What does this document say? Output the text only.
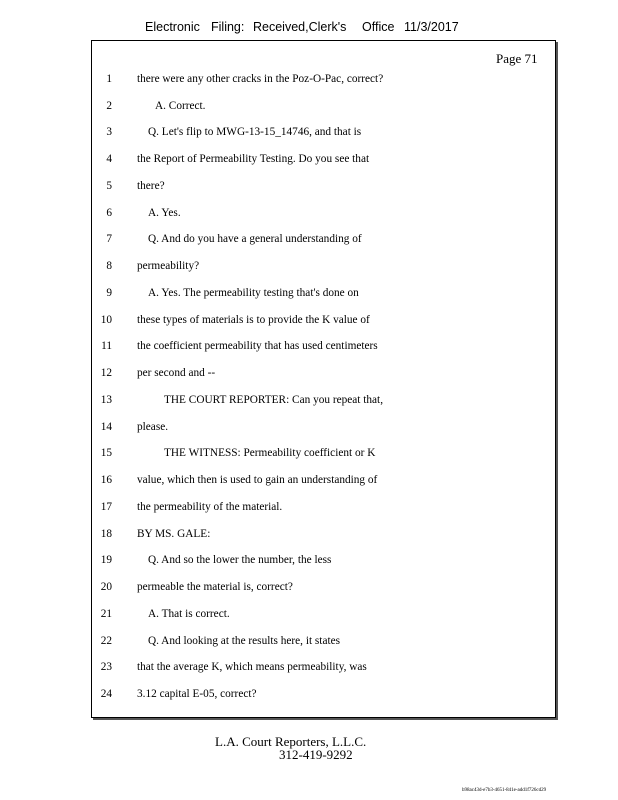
Electronic Filing: Received,Clerk's Office 11/3/2017
Page 71
1 there were any other cracks in the Poz-O-Pac, correct?
2	A. Correct.
3	Q. Let's flip to MWG-13-15_14746, and that is
4 the Report of Permeability Testing. Do you see that
5 there?
6	A. Yes.
7	Q. And do you have a general understanding of
8 permeability?
9	A. Yes. The permeability testing that's done on
10 these types of materials is to provide the K value of
11 the coefficient permeability that has used centimeters
12 per second and --
13	THE COURT REPORTER: Can you repeat that,
14 please.
15	THE WITNESS: Permeability coefficient or K
16 value, which then is used to gain an understanding of
17 the permeability of the material.
18 BY MS. GALE:
19	Q. And so the lower the number, the less
20 permeable the material is, correct?
21	A. That is correct.
22	Q. And looking at the results here, it states
23 that the average K, which means permeability, was
24 3.12 capital E-05, correct?
L.A. Court Reporters, L.L.C.
312-419-9292
b98ac43d-e7b3-4651-841e-add1f726cd29
